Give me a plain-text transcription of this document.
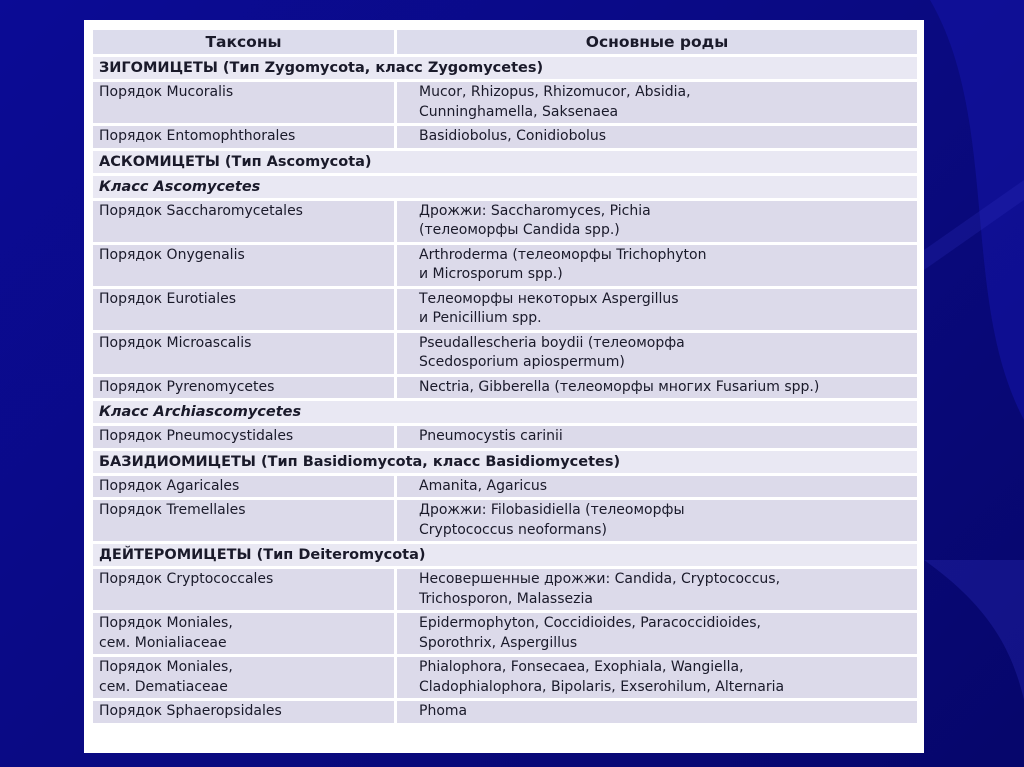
Таксоны	Основные роды
ЗИГОМИЦЕТЫ (Тип Zygomycota, класс Zygomycetes)	

Порядок Mucoralis	Mucor, Rhizopus, Rhizomucor, Absidia,
Cunninghamella, Saksenaea

Порядок Entomophthorales	Basidiobolus, Conidiobolus

АСКОМИЦЕТЫ (Тип Ascomycota)	
Класс Ascomycetes	

Порядок Saccharomycetales	Дрожжи: Saccharomyces, Pichia
(телеоморфы Candida spp.)

Порядок Onygenalis	Arthroderma (телеоморфы Trichophyton
и Microsporum spp.)

Порядок Eurotiales	Телеоморфы некоторых Aspergillus
и Penicillium spp.

Порядок Microascalis	Pseudallescheria boydii (телеоморфа
Scedosporium apiospermum)

Порядок Pyrenomycetes	Nectria, Gibberella (телеоморфы многих Fusarium spp.)

Класс Archiascomycetes	

Порядок Pneumocystidales	Pneumocystis carinii

БАЗИДИОМИЦЕТЫ (Тип Basidiomycota, класс Basidiomycetes)	

Порядок Agaricales	Amanita, Agaricus

Порядок Tremellales	Дрожжи: Filobasidiella (телеоморфы
Cryptococcus neoformans)

ДЕЙТЕРОМИЦЕТЫ (Тип Deiteromycota)	

Порядок Cryptococcales	Несовершенные дрожжи: Candida, Cryptococcus,
Trichosporon, Malassezia

Порядок Moniales,
сем. Monialiaceae	Epidermophyton, Coccidioides, Paracoccidioides,
Sporothrix, Aspergillus

Порядок Moniales,
сем. Dematiaceae	Phialophora, Fonsecaea, Exophiala, Wangiella,
Cladophialophora, Bipolaris, Exserohilum, Alternaria

Порядок Sphaeropsidales	Phoma
